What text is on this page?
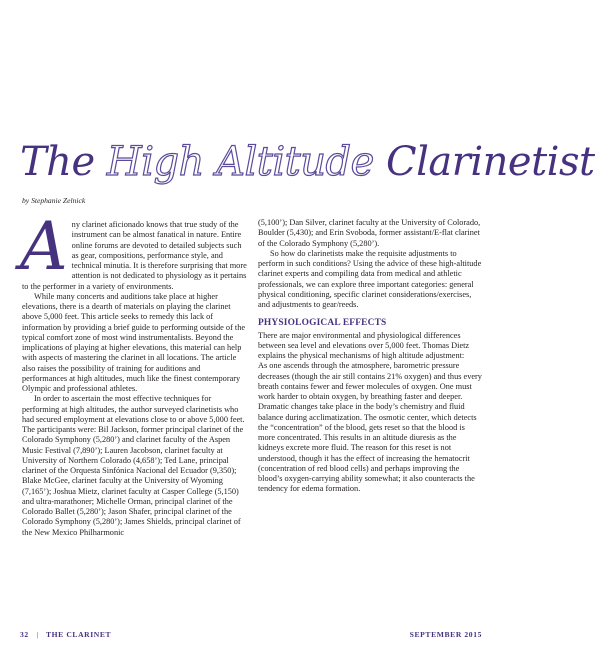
The High Altitude Clarinetist
by Stephanie Zelnick
A ny clarinet aficionado knows that true study of the instrument can be almost fanatical in nature. Entire online forums are devoted to detailed subjects such as gear, compositions, performance style, and technical minutia. It is therefore surprising that more attention is not dedicated to physiology as it pertains to the performer in a variety of environments.

While many concerts and auditions take place at higher elevations, there is a dearth of materials on playing the clarinet above 5,000 feet. This article seeks to remedy this lack of information by providing a brief guide to performing outside of the typical comfort zone of most wind instrumentalists. Beyond the implications of playing at higher elevations, this material can help with aspects of mastering the clarinet in all locations. The article also raises the possibility of training for auditions and performances at high altitudes, much like the finest contemporary Olympic and professional athletes.

In order to ascertain the most effective techniques for performing at high altitudes, the author surveyed clarinetists who had secured employment at elevations close to or above 5,000 feet. The participants were: Bil Jackson, former principal clarinet of the Colorado Symphony (5,280’) and clarinet faculty of the Aspen Music Festival (7,890’); Lauren Jacobson, clarinet faculty at University of Northern Colorado (4,658’); Ted Lane, principal clarinet of the Orquesta Sinfónica Nacional del Ecuador (9,350); Blake McGee, clarinet faculty at the University of Wyoming (7,165’); Joshua Mietz, clarinet faculty at Casper College (5,150) and ultra-marathoner; Michelle Orman, principal clarinet of the Colorado Ballet (5,280’); Jason Shafer, principal clarinet of the Colorado Symphony (5,280’); James Shields, principal clarinet of the New Mexico Philharmonic

(5,100’); Dan Silver, clarinet faculty at the University of Colorado, Boulder (5,430); and Erin Svoboda, former assistant/E-flat clarinet of the Colorado Symphony (5,280’).

So how do clarinetists make the requisite adjustments to perform in such conditions? Using the advice of these high-altitude clarinet experts and compiling data from medical and athletic professionals, we can explore three important categories: general physical conditioning, specific clarinet considerations/exercises, and adjustments to gear/reeds.

PHYSIOLOGICAL EFFECTS

There are major environmental and physiological differences between sea level and elevations over 5,000 feet. Thomas Dietz explains the physical mechanisms of high altitude adjustment:

As one ascends through the atmosphere, barometric pressure decreases (though the air still contains 21% oxygen) and thus every breath contains fewer and fewer molecules of oxygen. One must work harder to obtain oxygen, by breathing faster and deeper. Dramatic changes take place in the body’s chemistry and fluid balance during acclimatization. The osmotic center, which detects the “concentration” of the blood, gets reset so that the blood is more concentrated. This results in an altitude diuresis as the kidneys excrete more fluid. The reason for this reset is not understood, though it has the effect of increasing the hematocrit (concentration of red blood cells) and perhaps improving the blood’s oxygen-carrying ability somewhat; it also counteracts the tendency for edema formation.

32 | THE CLARINET	SEPTEMBER 2015
